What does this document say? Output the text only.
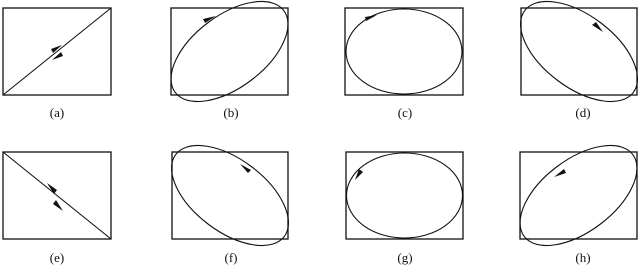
(a)	(b)	(c)	(d)
(e)	(f)	(g)	(h)
